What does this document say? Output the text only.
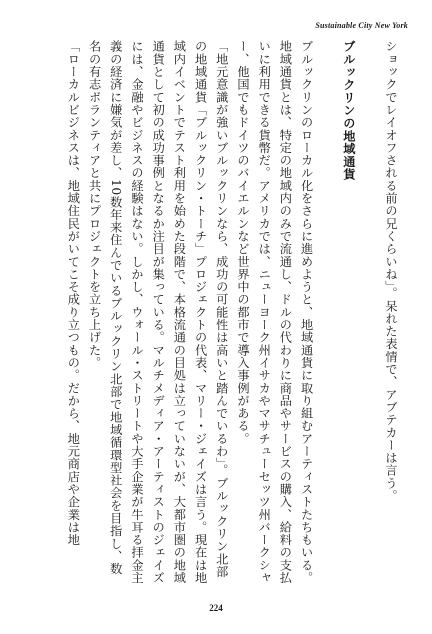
Sustainable City New York

ショックでレイオフされる前の兄くらいね」。呆れた表情で、アブテカーは言う。

ブルックリンの地域通貨

ブルックリンのローカル化をさらに進めようと、地域通貨に取り組むアーティストたちもいる。地域通貨とは、特定の地域内のみで流通し、ドルの代わりに商品やサービスの購入、給料の支払いに利用できる貨幣だ。アメリカでは、ニューヨーク州イサカやマサチューセッツ州バークシャー、他国でもドイツのバイエルンなど世界中の都市で導入事例がある。

「地元意識が強いブルックリンなら、成功の可能性は高いと踏んでいるわ」。ブルックリン北部の地域通貨「ブルックリン・トーチ」プロジェクトの代表、マリー・ジェイズは言う。現在は地域内イベントでテスト利用を始めた段階で、本格流通の目処は立っていないが、大都市圏の地域通貨として初の成功事例となるか注目が集っている。マルチメディア・アーティストのジェイズには、金融やビジネスの経験はない。しかし、ウォール・ストリートや大手企業が牛耳る拝金主義の経済に嫌気が差し、10数年来住んでいるブルックリン北部で地域循環型社会を目指し、数名の有志ボランティアと共にプロジェクトを立ち上げた。

「ローカルビジネスは、地域住民がいてこそ成り立つもの。だから、地元商店や企業は地

224
